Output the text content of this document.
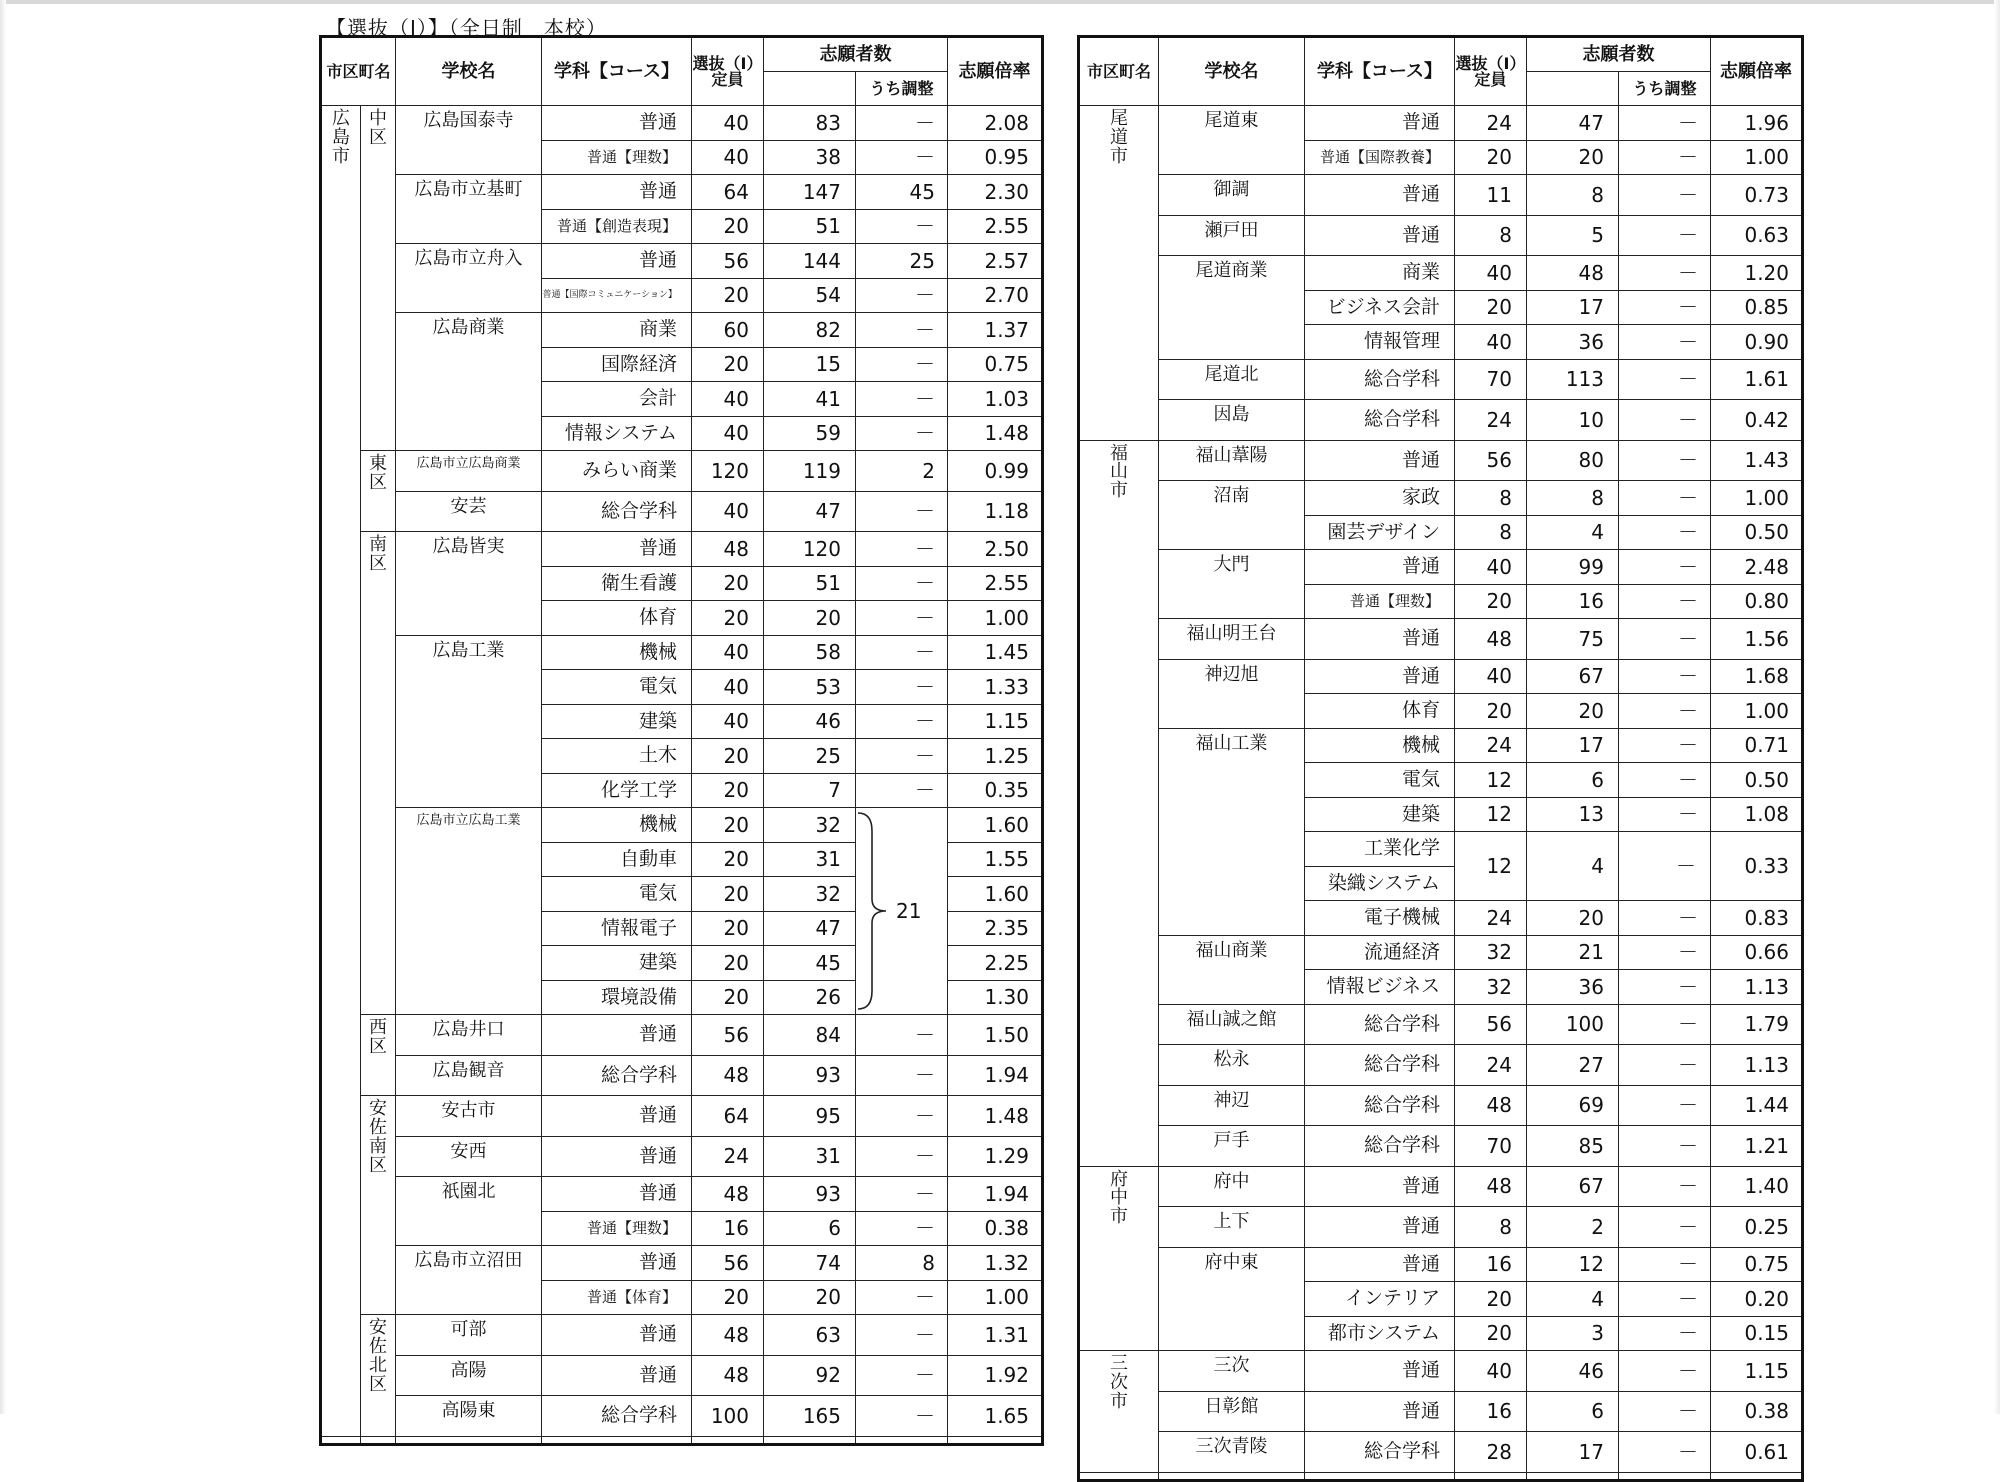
【選抜（Ⅰ）】（全日制　本校）
市区町名		学校名	学科【コース】	選抜（Ⅰ）定員	志願者数		志願倍率
						うち調整	
広島市	中区	広島国泰寺	普通	40	83	－	2.08
			普通【理数】	40	38	－	0.95
		広島市立基町	普通	64	147	45	2.30
			普通【創造表現】	20	51	－	2.55
		広島市立舟入	普通	56	144	25	2.57
			普通【国際コミュニケーション】	20	54	－	2.70
		広島商業	商業	60	82	－	1.37
			国際経済	20	15	－	0.75
			会計	40	41	－	1.03
			情報システム	40	59	－	1.48
	東区	広島市立広島商業	みらい商業	120	119	2	0.99
		安芸	総合学科	40	47	－	1.18
	南区	広島皆実	普通	48	120	－	2.50
			衛生看護	20	51	－	2.55
			体育	20	20	－	1.00
		広島工業	機械	40	58	－	1.45
			電気	40	53	－	1.33
			建築	40	46	－	1.15
			土木	20	25	－	1.25
			化学工学	20	7	－	0.35
		広島市立広島工業	機械	20	32	21	1.60
			自動車	20	31		1.55
			電気	20	32		1.60
			情報電子	20	47		2.35
			建築	20	45		2.25
			環境設備	20	26		1.30
	西区	広島井口	普通	56	84	－	1.50
		広島観音	総合学科	48	93	－	1.94
	安佐南区	安古市	普通	64	95	－	1.48
		安西	普通	24	31	－	1.29
		祇園北	普通	48	93	－	1.94
			普通【理数】	16	6	－	0.38
		広島市立沼田	普通	56	74	8	1.32
			普通【体育】	20	20	－	1.00
	安佐北区	可部	普通	48	63	－	1.31
		高陽	普通	48	92	－	1.92
		高陽東	総合学科	100	165	－	1.65

市区町名	学校名	学科【コース】	選抜（Ⅰ）定員	志願者数		志願倍率
					うち調整	
尾道市	尾道東	普通	24	47	－	1.96
		普通【国際教養】	20	20	－	1.00
	御調	普通	11	8	－	0.73
	瀬戸田	普通	8	5	－	0.63
	尾道商業	商業	40	48	－	1.20
		ビジネス会計	20	17	－	0.85
		情報管理	40	36	－	0.90
	尾道北	総合学科	70	113	－	1.61
	因島	総合学科	24	10	－	0.42
福山市	福山葦陽	普通	56	80	－	1.43
	沼南	家政	8	8	－	1.00
		園芸デザイン	8	4	－	0.50
	大門	普通	40	99	－	2.48
		普通【理数】	20	16	－	0.80
	福山明王台	普通	48	75	－	1.56
	神辺旭	普通	40	67	－	1.68
		体育	20	20	－	1.00
	福山工業	機械	24	17	－	0.71
		電気	12	6	－	0.50
		建築	12	13	－	1.08
		工業化学	12	4	－	0.33
		染織システム				
		電子機械	24	20	－	0.83
	福山商業	流通経済	32	21	－	0.66
		情報ビジネス	32	36	－	1.13
	福山誠之館	総合学科	56	100	－	1.79
	松永	総合学科	24	27	－	1.13
	神辺	総合学科	48	69	－	1.44
	戸手	総合学科	70	85	－	1.21
府中市	府中	普通	48	67	－	1.40
	上下	普通	8	2	－	0.25
	府中東	普通	16	12	－	0.75
		インテリア	20	4	－	0.20
		都市システム	20	3	－	0.15
三次市	三次	普通	40	46	－	1.15
	日彰館	普通	16	6	－	0.38
	三次青陵	総合学科	28	17	－	0.61
